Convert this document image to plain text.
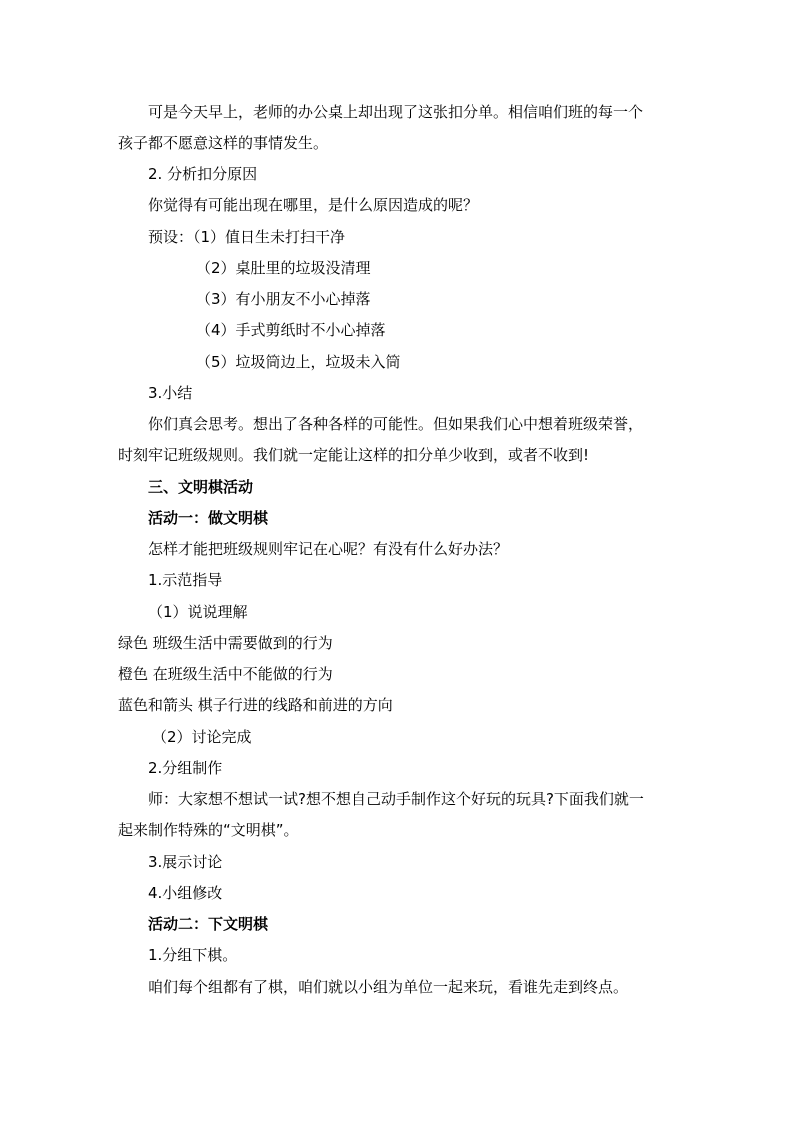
可是今天早上，老师的办公桌上却出现了这张扣分单。相信咱们班的每一个

孩子都不愿意这样的事情发生。

2. 分析扣分原因

你觉得有可能出现在哪里，是什么原因造成的呢？

预设：（1）值日生未打扫干净

（2）桌肚里的垃圾没清理

（3）有小朋友不小心掉落

（4）手式剪纸时不小心掉落

（5）垃圾筒边上，垃圾未入筒

3.小结

你们真会思考。想出了各种各样的可能性。但如果我们心中想着班级荣誉，

时刻牢记班级规则。我们就一定能让这样的扣分单少收到，或者不收到!

三、文明棋活动

活动一：做文明棋

怎样才能把班级规则牢记在心呢？有没有什么好办法？

1.示范指导

（1）说说理解

绿色 班级生活中需要做到的行为

橙色 在班级生活中不能做的行为

蓝色和箭头 棋子行进的线路和前进的方向

（2）讨论完成

2.分组制作

师：大家想不想试一试?想不想自己动手制作这个好玩的玩具?下面我们就一

起来制作特殊的“文明棋”。

3.展示讨论

4.小组修改

活动二：下文明棋

1.分组下棋。

咱们每个组都有了棋，咱们就以小组为单位一起来玩，看谁先走到终点。
